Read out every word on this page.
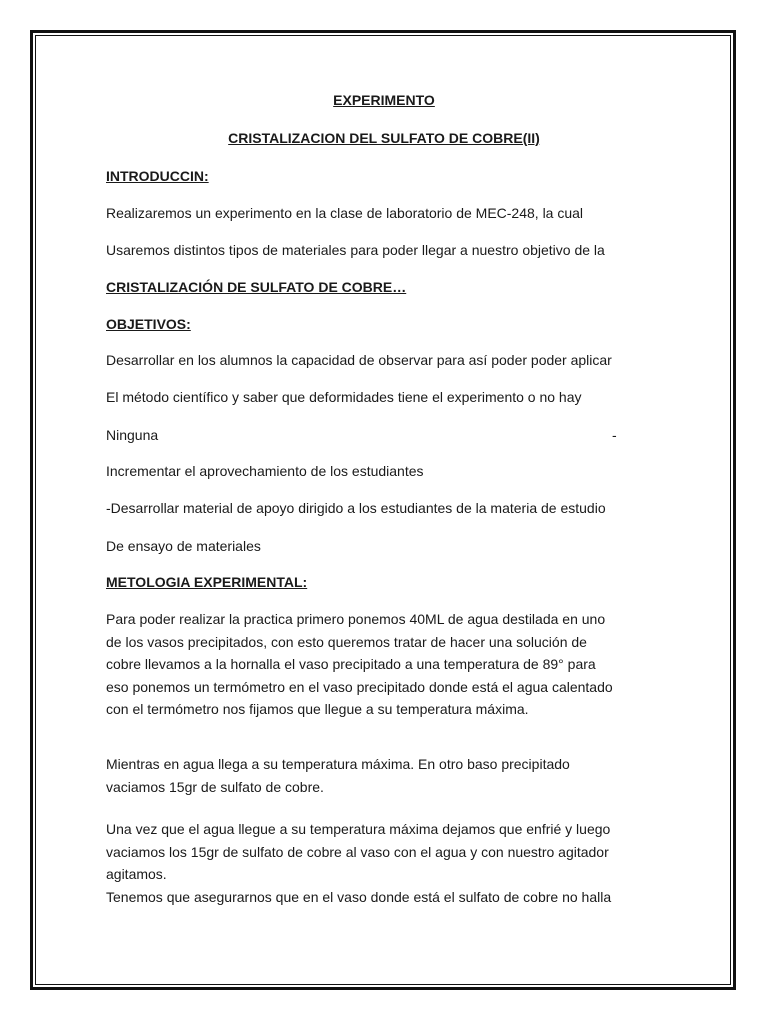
EXPERIMENTO

CRISTALIZACION DEL SULFATO DE COBRE(II)

INTRODUCCIN:

Realizaremos un experimento en la clase de laboratorio de MEC-248, la cual

Usaremos distintos tipos de materiales para poder llegar a nuestro objetivo de la

CRISTALIZACIÓN DE SULFATO DE COBRE…

OBJETIVOS:

Desarrollar en los alumnos la capacidad de observar para así poder poder aplicar

El método científico y saber que deformidades tiene el experimento o no hay

Ninguna	-

Incrementar el aprovechamiento de los estudiantes

-Desarrollar material de apoyo dirigido a los estudiantes de la materia de estudio

De ensayo de materiales

METOLOGIA EXPERIMENTAL:

Para poder realizar la practica primero ponemos 40ML de agua destilada en uno
de los vasos precipitados, con esto queremos tratar de hacer una solución de
cobre llevamos a la hornalla el vaso precipitado a una temperatura de 89° para
eso ponemos un termómetro en el vaso precipitado donde está el agua calentado
con el termómetro nos fijamos que llegue a su temperatura máxima.
Mientras en agua llega a su temperatura máxima. En otro baso precipitado
vaciamos 15gr de sulfato de cobre.
Una vez que el agua llegue a su temperatura máxima dejamos que enfrié y luego
vaciamos los 15gr de sulfato de cobre al vaso con el agua y con nuestro agitador
agitamos.
Tenemos que asegurarnos que en el vaso donde está el sulfato de cobre no halla
